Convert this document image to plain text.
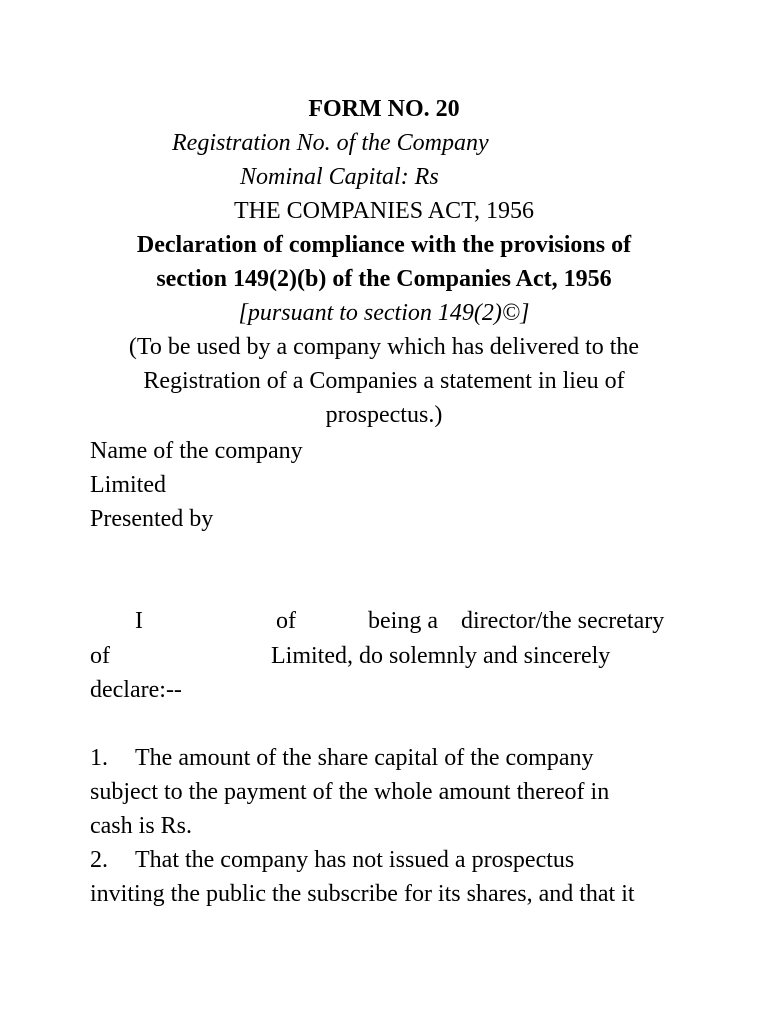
FORM NO. 20
Registration No. of the Company
Nominal Capital: Rs
THE COMPANIES ACT, 1956
Declaration of compliance with the provisions of
section 149(2)(b) of the Companies Act, 1956
[pursuant to section 149(2)©]
(To be used by a company which has delivered to the
Registration of a Companies a statement in lieu of
prospectus.)
Name of the company
Limited
Presented by
I	of	being a director/the secretary
of	Limited, do solemnly and sincerely
declare:--
1. The amount of the share capital of the company
subject to the payment of the whole amount thereof in
cash is Rs.
2. That the company has not issued a prospectus
inviting the public the subscribe for its shares, and that it
